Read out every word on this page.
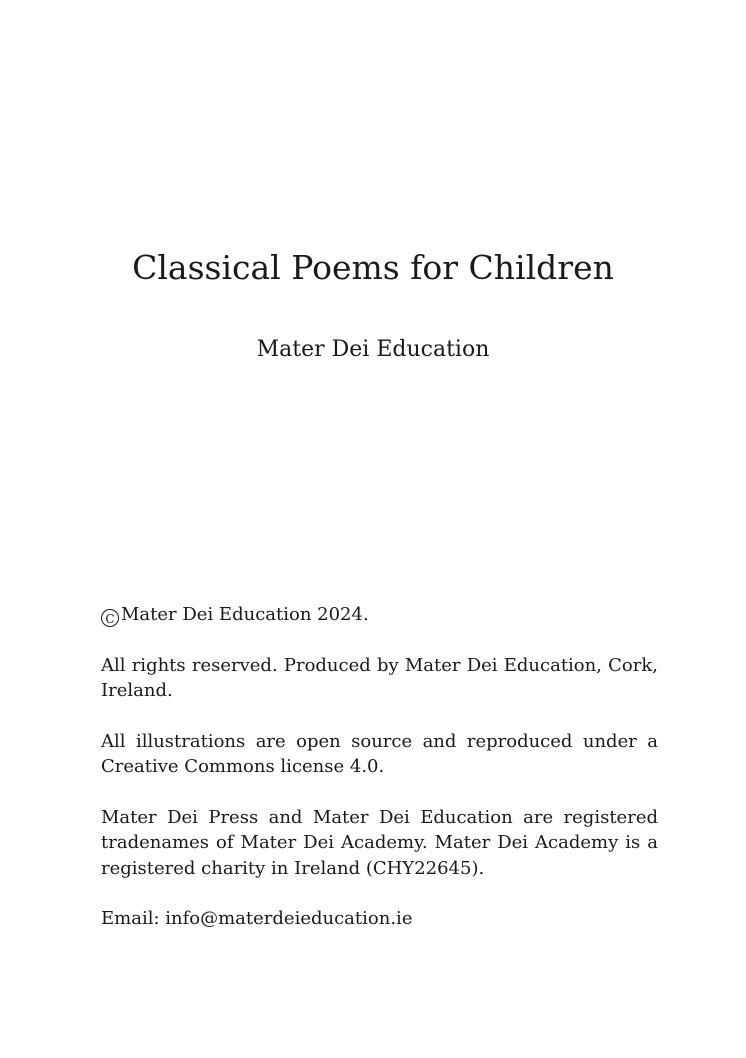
Classical Poems for Children
Mater Dei Education

C Mater Dei Education 2024.

All rights reserved. Produced by Mater Dei Education, Cork, Ireland.

All illustrations are open source and reproduced under a Creative Commons license 4.0.

Mater Dei Press and Mater Dei Education are registered tradenames of Mater Dei Academy. Mater Dei Academy is a registered charity in Ireland (CHY22645).

Email: info@materdeieducation.ie
